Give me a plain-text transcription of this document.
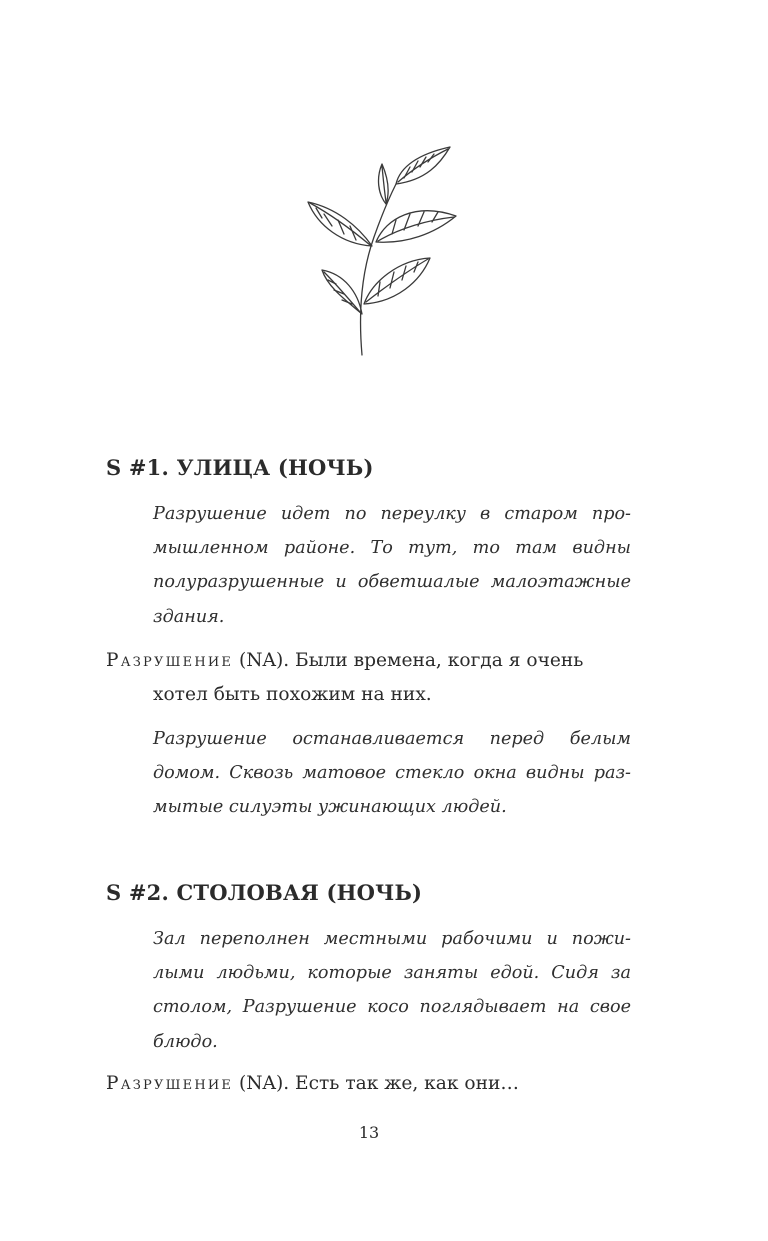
S #1. УЛИЦА (НОЧЬ)

Разрушение идет по переулку в старом про-
мышленном районе. То тут, то там видны
полуразрушенные и обветшалые малоэтажные
здания.

Разрушение (NA). Были времена, когда я очень
хотел быть похожим на них.

Разрушение останавливается перед белым
домом. Сквозь матовое стекло окна видны раз-
мытые силуэты ужинающих людей.

S #2. СТОЛОВАЯ (НОЧЬ)

Зал переполнен местными рабочими и пожи-
лыми людьми, которые заняты едой. Сидя за
столом, Разрушение косо поглядывает на свое
блюдо.

Разрушение (NA). Есть так же, как они…

13
